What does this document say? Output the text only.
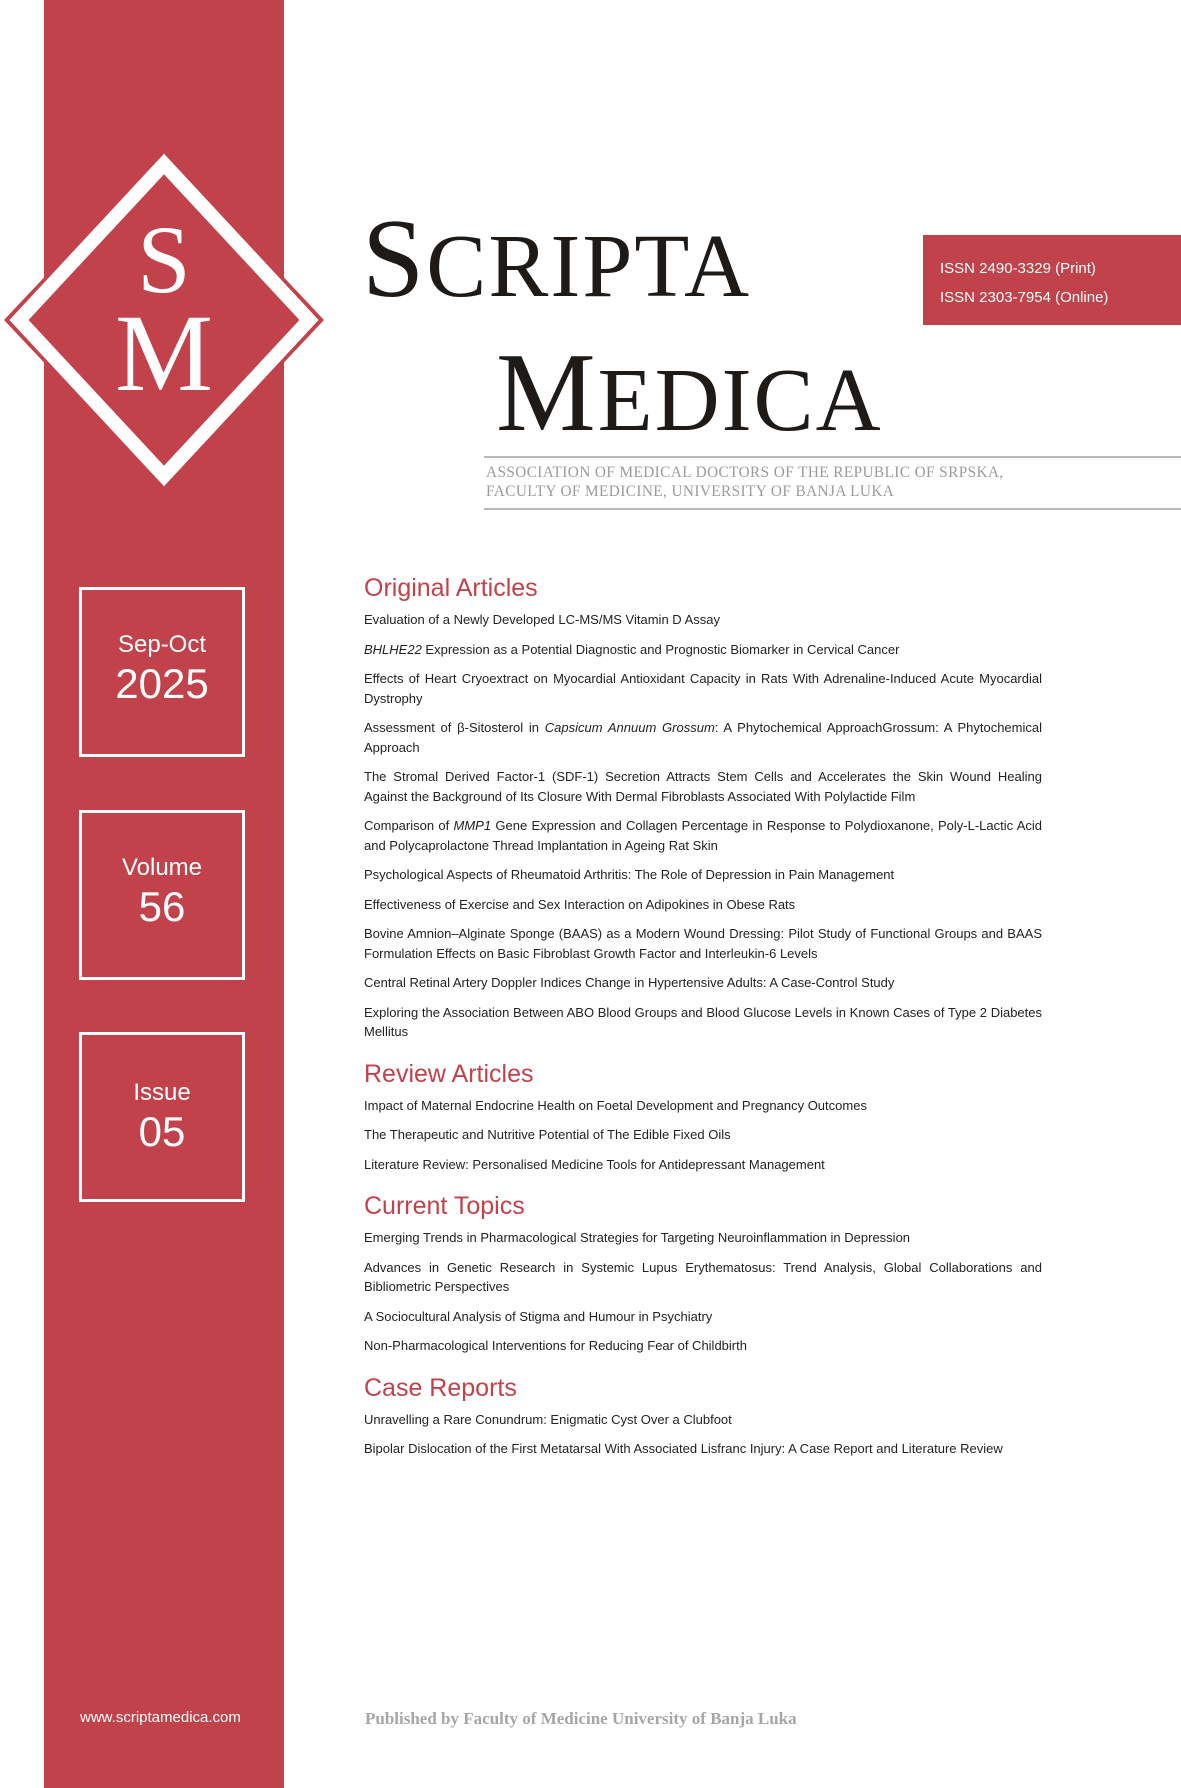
S
M
Sep-Oct
2025
Volume
56
Issue
05
www.scriptamedica.com
SCRIPTA
MEDICA
ISSN 2490-3329 (Print)
ISSN 2303-7954 (Online)
ASSOCIATION OF MEDICAL DOCTORS OF THE REPUBLIC OF SRPSKA,
FACULTY OF MEDICINE, UNIVERSITY OF BANJA LUKA
Original Articles
Evaluation of a Newly Developed LC-MS/MS Vitamin D Assay
BHLHE22 Expression as a Potential Diagnostic and Prognostic Biomarker in Cervical Cancer
Effects of Heart Cryoextract on Myocardial Antioxidant Capacity in Rats With Adrenaline-Induced Acute Myocardial Dystrophy
Assessment of β-Sitosterol in Capsicum Annuum Grossum: A Phytochemical ApproachGrossum: A Phytochemical Approach
The Stromal Derived Factor-1 (SDF-1) Secretion Attracts Stem Cells and Accelerates the Skin Wound Healing Against the Background of Its Closure With Dermal Fibroblasts Associated With Polylactide Film
Comparison of MMP1 Gene Expression and Collagen Percentage in Response to Polydioxanone, Poly-L-Lactic Acid and Polycaprolactone Thread Implantation in Ageing Rat Skin
Psychological Aspects of Rheumatoid Arthritis: The Role of Depression in Pain Management
Effectiveness of Exercise and Sex Interaction on Adipokines in Obese Rats
Bovine Amnion–Alginate Sponge (BAAS) as a Modern Wound Dressing: Pilot Study of Functional Groups and BAAS Formulation Effects on Basic Fibroblast Growth Factor and Interleukin-6 Levels
Central Retinal Artery Doppler Indices Change in Hypertensive Adults: A Case-Control Study
Exploring the Association Between ABO Blood Groups and Blood Glucose Levels in Known Cases of Type 2 Diabetes Mellitus
Review Articles
Impact of Maternal Endocrine Health on Foetal Development and Pregnancy Outcomes
The Therapeutic and Nutritive Potential of The Edible Fixed Oils
Literature Review: Personalised Medicine Tools for Antidepressant Management
Current Topics
Emerging Trends in Pharmacological Strategies for Targeting Neuroinflammation in Depression
Advances in Genetic Research in Systemic Lupus Erythematosus: Trend Analysis, Global Collaborations and Bibliometric Perspectives
A Sociocultural Analysis of Stigma and Humour in Psychiatry
Non-Pharmacological Interventions for Reducing Fear of Childbirth
Case Reports
Unravelling a Rare Conundrum: Enigmatic Cyst Over a Clubfoot
Bipolar Dislocation of the First Metatarsal With Associated Lisfranc Injury: A Case Report and Literature Review
Published by Faculty of Medicine University of Banja Luka
